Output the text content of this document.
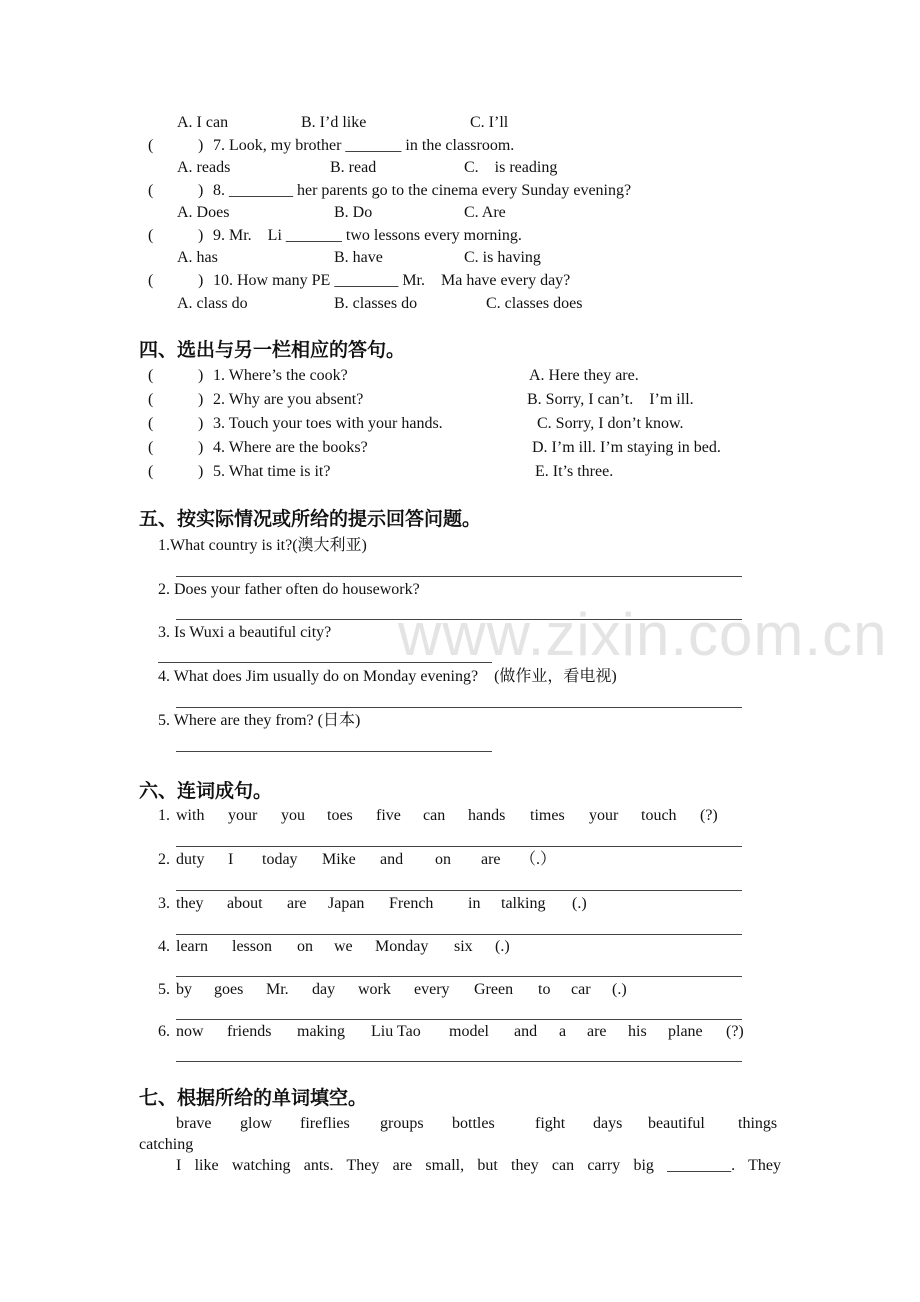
www.zixin.com.cn
A. I can	B. I’d like	C. I’ll
(	) 7. Look, my brother _______ in the classroom.
A. reads	B. read	C.    is reading
(	) 8. ________ her parents go to the cinema every Sunday evening?
A. Does	B. Do	C. Are
(	) 9. Mr.    Li _______ two lessons every morning.
A. has	B. have	C. is having
(	) 10. How many PE ________ Mr.    Ma have every day?
A. class do	B. classes do	C. classes does
四、选出与另一栏相应的答句。
(	) 1. Where’s the cook?	A. Here they are.
(	) 2. Why are you absent?	B. Sorry, I can’t.    I’m ill.
(	) 3. Touch your toes with your hands.	C. Sorry, I don’t know.
(	) 4. Where are the books?	D. I’m ill. I’m staying in bed.
(	) 5. What time is it?	E. It’s three.
五、按实际情况或所给的提示回答问题。
1.What country is it?(澳大利亚)
2. Does your father often do housework?
3. Is Wuxi a beautiful city?
4. What does Jim usually do on Monday evening?    (做作业，看电视)
5. Where are they from? (日本)
六、连词成句。
1. with your you toes five can hands times your touch (?)
2. duty I today Mike and on are （.）
3. they about are Japan French in talking (.)
4. learn lesson on we Monday six (.)
5. by goes Mr. day work every Green to car (.)
6. now friends making Liu Tao model and a are his plane (?)
七、根据所给的单词填空。
catching
I like watching ants. They are small, but they can carry big ________. They
brave glow fireflies groups bottles	fight days beautiful things
